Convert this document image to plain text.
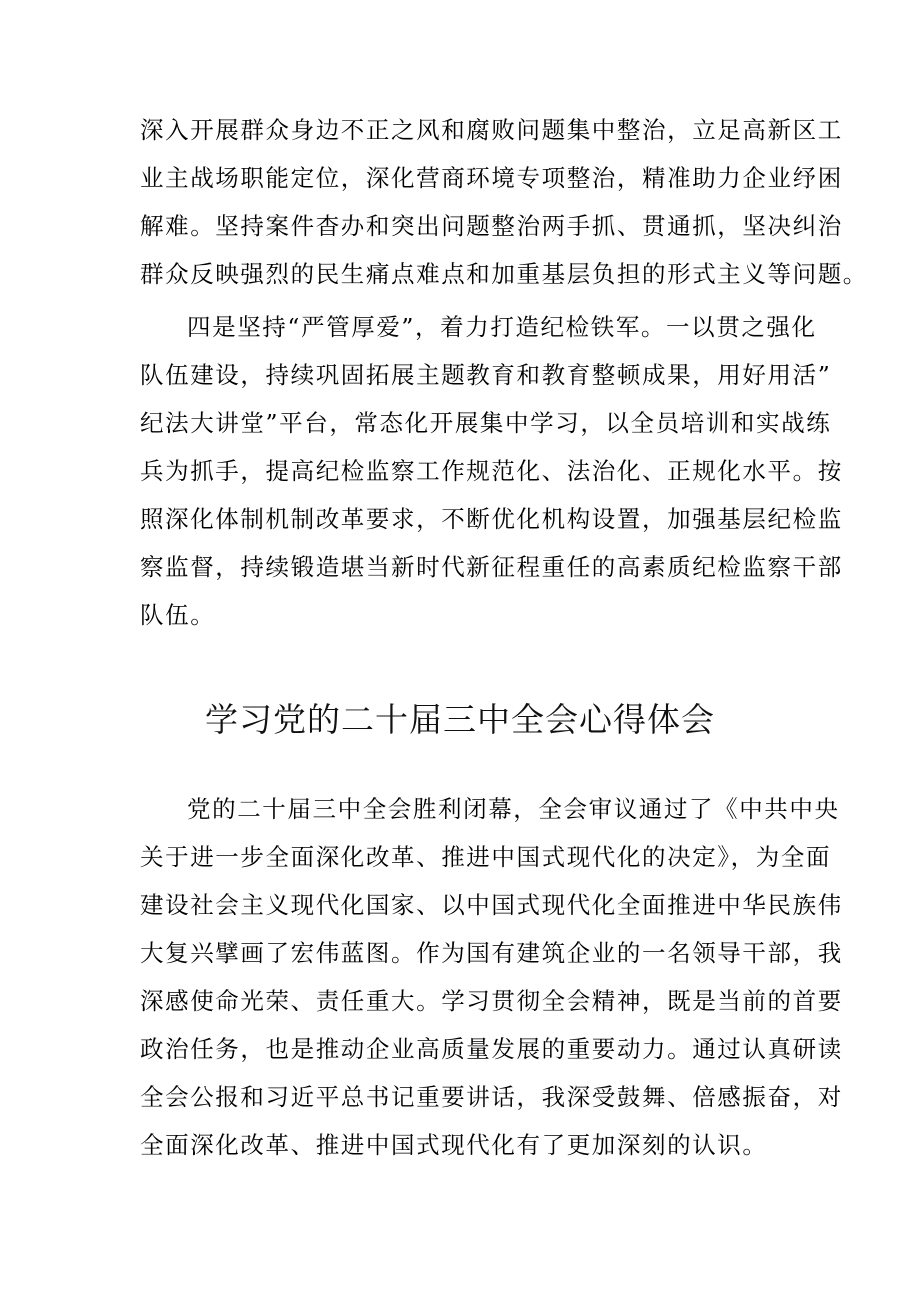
深入开展群众身边不正之风和腐败问题集中整治，立足高新区工
业主战场职能定位，深化营商环境专项整治，精准助力企业纾困
解难。坚持案件杳办和突出问题整治两手抓、贯通抓，坚决纠治
群众反映强烈的民生痛点难点和加重基层负担的形式主义等问题。
四是坚持“严管厚爱”，着力打造纪检铁军。一以贯之强化
队伍建设，持续巩固拓展主题教育和教育整顿成果，用好用活”
纪法大讲堂”平台，常态化开展集中学习，以全员培训和实战练
兵为抓手，提高纪检监察工作规范化、法治化、正规化水平。按
照深化体制机制改革要求，不断优化机构设置，加强基层纪检监
察监督，持续锻造堪当新时代新征程重任的高素质纪检监察干部
队伍。
学习党的二十届三中全会心得体会
党的二十届三中全会胜利闭幕，全会审议通过了《中共中央
关于进一步全面深化改革、推进中国式现代化的决定》，为全面
建设社会主义现代化国家、以中国式现代化全面推进中华民族伟
大复兴擘画了宏伟蓝图。作为国有建筑企业的一名领导干部，我
深感使命光荣、责任重大。学习贯彻全会精神，既是当前的首要
政治任务，也是推动企业高质量发展的重要动力。通过认真研读
全会公报和习近平总书记重要讲话，我深受鼓舞、倍感振奋，对
全面深化改革、推进中国式现代化有了更加深刻的认识。
